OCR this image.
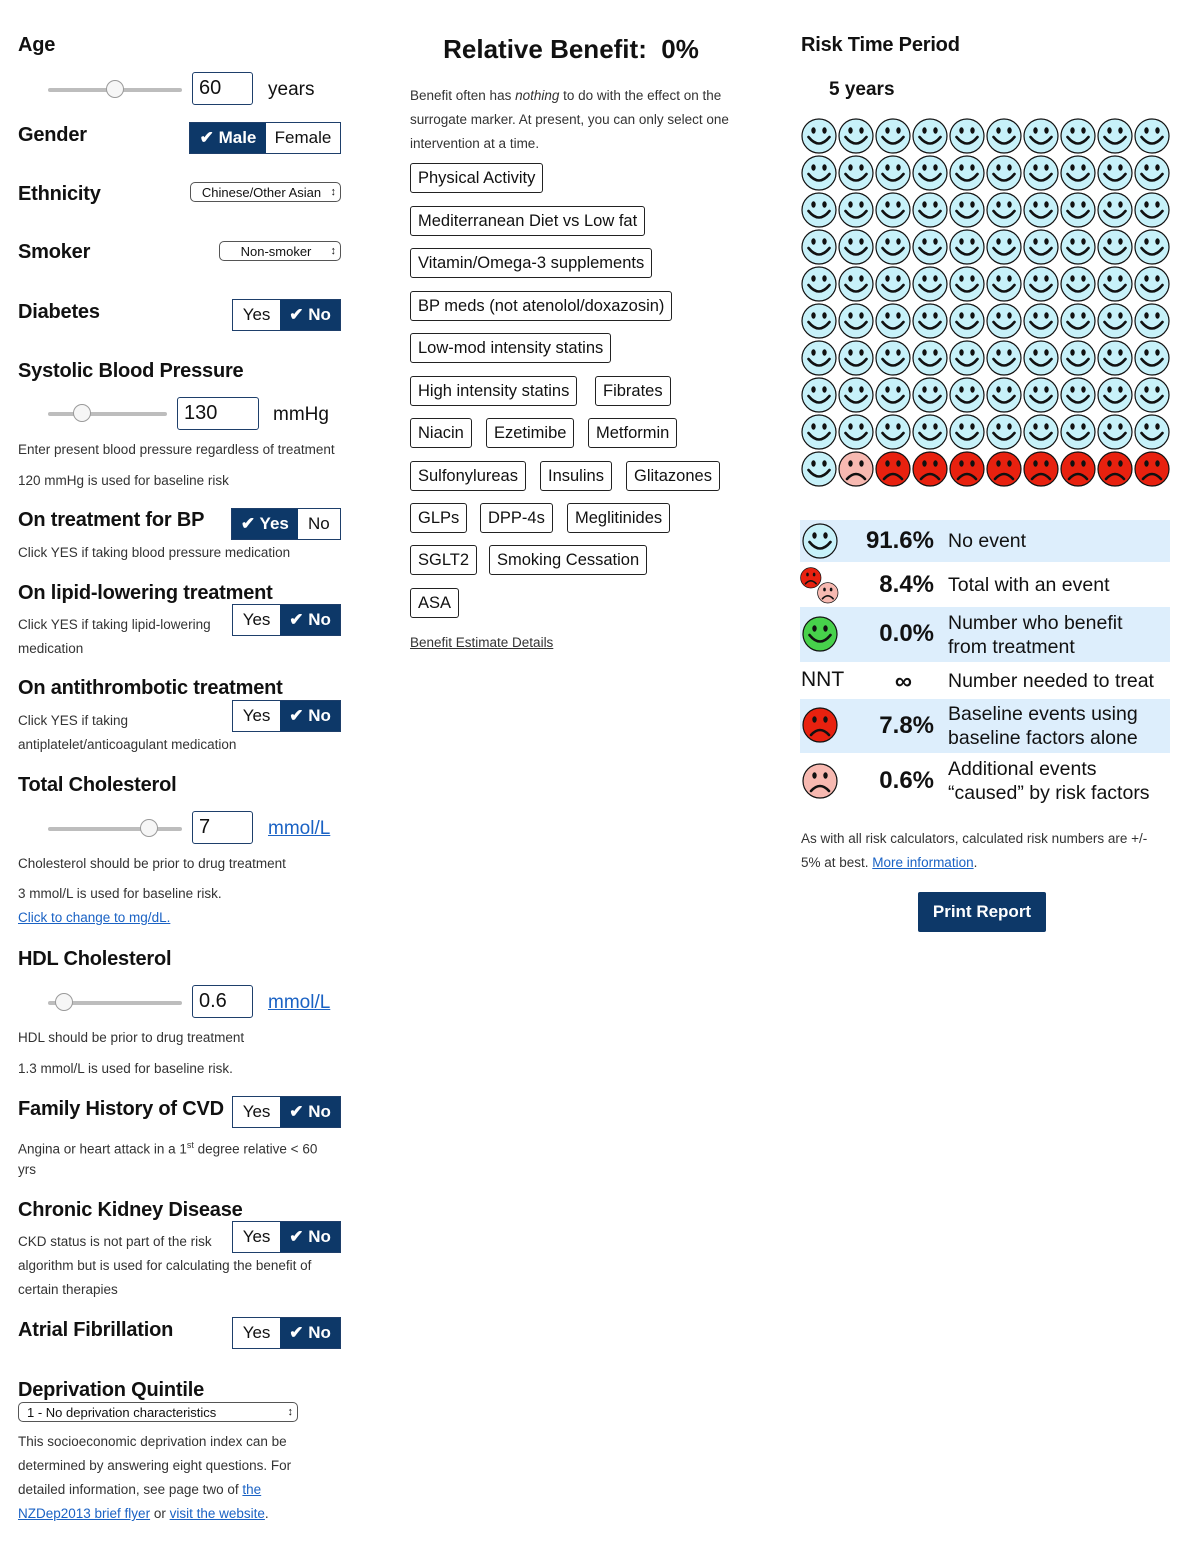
Age
60	years
Gender	✔ Male	Female
Ethnicity	Chinese/Other Asian ↕
Smoker	Non-smoker ↕
Diabetes	Yes	✔ No
Systolic Blood Pressure
130	mmHg
Enter present blood pressure regardless of treatment
120 mmHg is used for baseline risk
On treatment for BP	✔ Yes	No
Click YES if taking blood pressure medication
On lipid-lowering treatment
Yes	✔ No
Click YES if taking lipid-lowering
medication
On antithrombotic treatment
Yes	✔ No
Click YES if taking
antiplatelet/anticoagulant medication
Total Cholesterol
7	mmol/L
Cholesterol should be prior to drug treatment
3 mmol/L is used for baseline risk.
Click to change to mg/dL.
HDL Cholesterol
0.6	mmol/L
HDL should be prior to drug treatment
1.3 mmol/L is used for baseline risk.
Family History of CVD	Yes	✔ No
Angina or heart attack in a 1st degree relative < 60
yrs
Chronic Kidney Disease
Yes	✔ No
CKD status is not part of the risk
algorithm but is used for calculating the benefit of
certain therapies
Atrial Fibrillation	Yes	✔ No
Deprivation Quintile
1 - No deprivation characteristics ↕
This socioeconomic deprivation index can be
determined by answering eight questions. For
detailed information, see page two of the
NZDep2013 brief flyer or visit the website.
Relative Benefit:  0%
Benefit often has nothing to do with the effect on the
surrogate marker. At present, you can only select one
intervention at a time.
Physical Activity
Mediterranean Diet vs Low fat
Vitamin/Omega-3 supplements
BP meds (not atenolol/doxazosin)
Low-mod intensity statins
High intensity statins	Fibrates
Niacin	Ezetimibe	Metformin
Sulfonylureas	Insulins	Glitazones
GLPs	DPP-4s	Meglitinides
SGLT2	Smoking Cessation
ASA
Benefit Estimate Details
Risk Time Period
5 years
91.6% No event
8.4% Total with an event
0.0% Number who benefit
from treatment
NNT	∞ Number needed to treat
7.8% Baseline events using
baseline factors alone
0.6% Additional events
“caused” by risk factors
As with all risk calculators, calculated risk numbers are +/-
5% at best. More information.
Print Report
